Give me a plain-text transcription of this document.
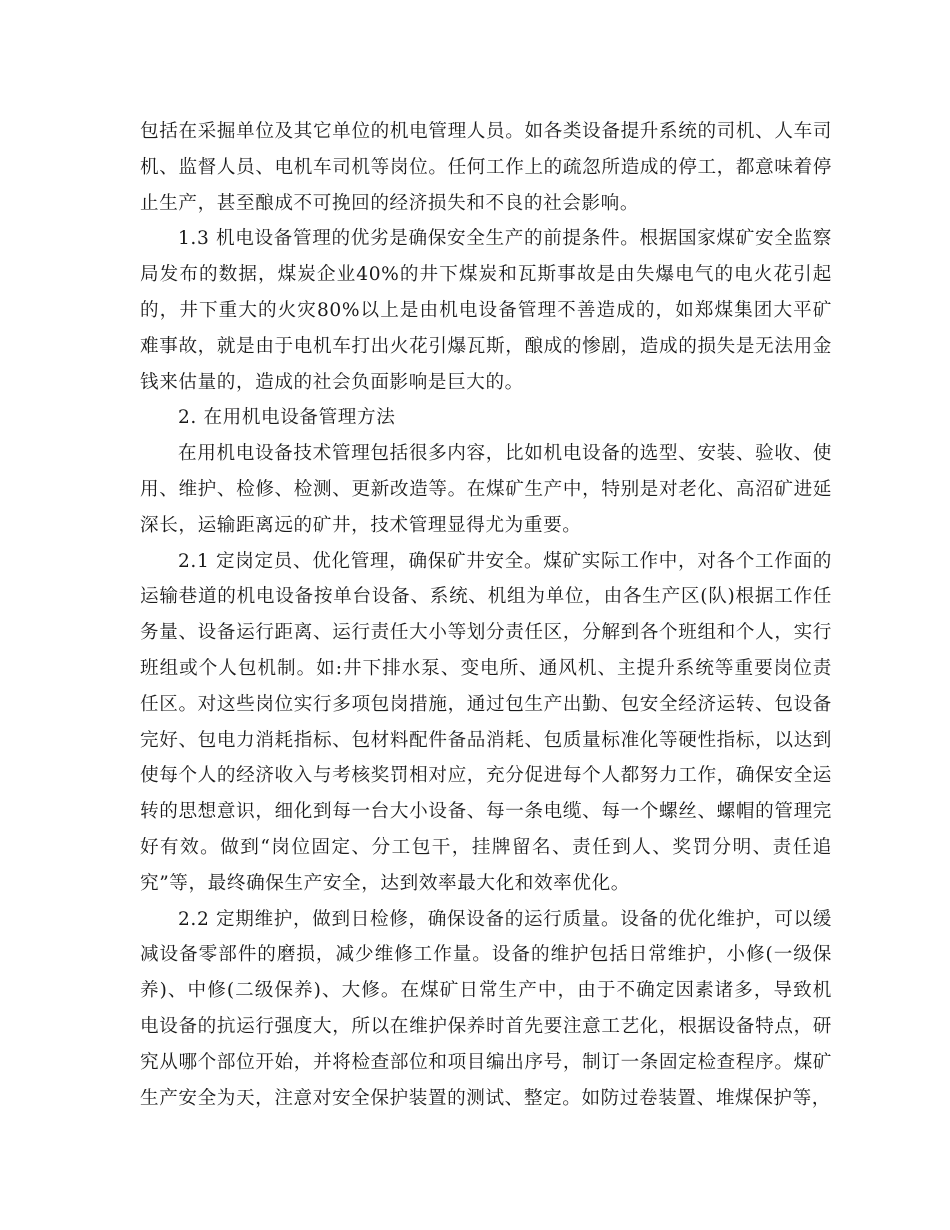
包括在采掘单位及其它单位的机电管理人员。如各类设备提升系统的司机、人车司机、监督人员、电机车司机等岗位。任何工作上的疏忽所造成的停工，都意味着停止生产，甚至酿成不可挽回的经济损失和不良的社会影响。

1.3 机电设备管理的优劣是确保安全生产的前提条件。根据国家煤矿安全监察局发布的数据，煤炭企业40%的井下煤炭和瓦斯事故是由失爆电气的电火花引起的，井下重大的火灾80%以上是由机电设备管理不善造成的，如郑煤集团大平矿难事故，就是由于电机车打出火花引爆瓦斯，酿成的惨剧，造成的损失是无法用金钱来估量的，造成的社会负面影响是巨大的。

2. 在用机电设备管理方法

在用机电设备技术管理包括很多内容，比如机电设备的选型、安装、验收、使用、维护、检修、检测、更新改造等。在煤矿生产中，特别是对老化、高沼矿进延深长，运输距离远的矿井，技术管理显得尤为重要。

2.1 定岗定员、优化管理，确保矿井安全。煤矿实际工作中，对各个工作面的运输巷道的机电设备按单台设备、系统、机组为单位，由各生产区(队)根据工作任务量、设备运行距离、运行责任大小等划分责任区，分解到各个班组和个人，实行班组或个人包机制。如:井下排水泵、变电所、通风机、主提升系统等重要岗位责任区。对这些岗位实行多项包岗措施，通过包生产出勤、包安全经济运转、包设备完好、包电力消耗指标、包材料配件备品消耗、包质量标准化等硬性指标，以达到使每个人的经济收入与考核奖罚相对应，充分促进每个人都努力工作，确保安全运转的思想意识，细化到每一台大小设备、每一条电缆、每一个螺丝、螺帽的管理完好有效。做到“岗位固定、分工包干，挂牌留名、责任到人、奖罚分明、责任追究”等，最终确保生产安全，达到效率最大化和效率优化。

2.2 定期维护，做到日检修，确保设备的运行质量。设备的优化维护，可以缓减设备零部件的磨损，减少维修工作量。设备的维护包括日常维护，小修(一级保养)、中修(二级保养)、大修。在煤矿日常生产中，由于不确定因素诸多，导致机电设备的抗运行强度大，所以在维护保养时首先要注意工艺化，根据设备特点，研究从哪个部位开始，并将检查部位和项目编出序号，制订一条固定检查程序。煤矿生产安全为天，注意对安全保护装置的测试、整定。如防过卷装置、堆煤保护等，
